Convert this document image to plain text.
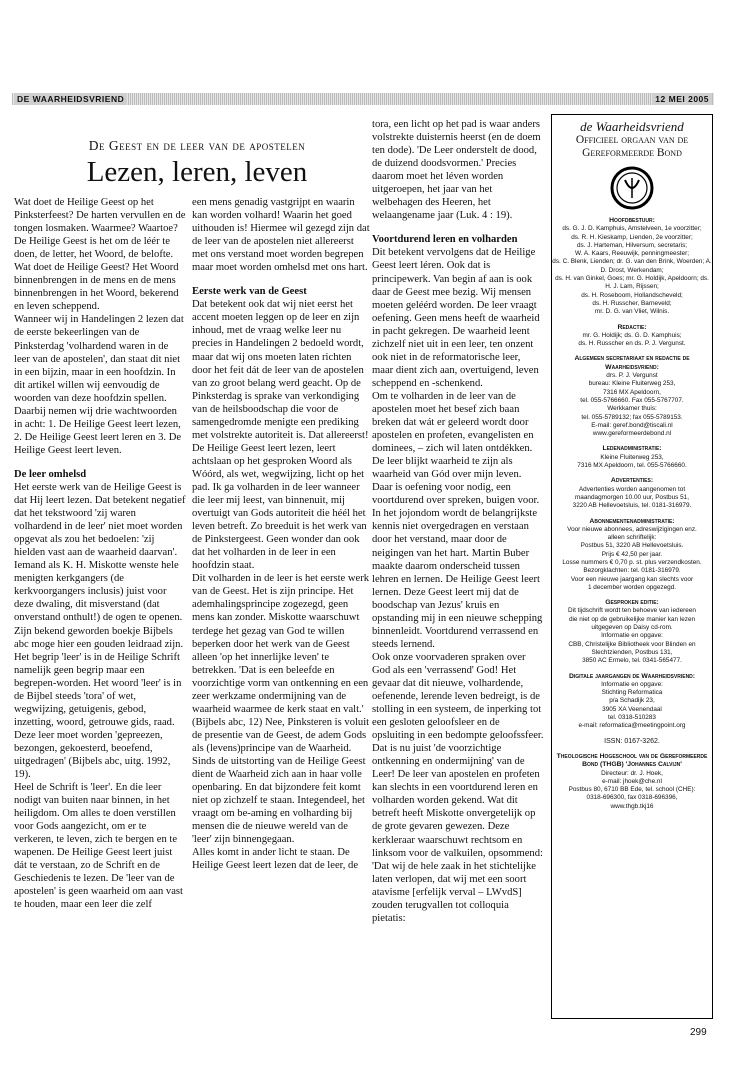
DE WAARHEIDSVRIEND	12 MEI 2005
De Geest en de leer van de apostelen
Lezen, leren, leven

Wat doet de Heilige Geest op het Pinksterfeest? De harten vervullen en de tongen losmaken. Waarmee? Waartoe? De Heilige Geest is het om de léér te doen, de letter, het Woord, de belofte. Wat doet de Heilige Geest? Het Woord binnenbrengen in de mens en de mens binnenbrengen in het Woord, bekerend en leven scheppend.

Wanneer wij in Handelingen 2 lezen dat de eerste bekeerlingen van de Pinksterdag 'volhardend waren in de leer van de apostelen', dan staat dit niet in een bijzin, maar in een hoofdzin. In dit artikel willen wij eenvoudig de woorden van deze hoofdzin spellen. Daarbij nemen wij drie wachtwoorden in acht: 1. De Heilige Geest leert lezen, 2. De Heilige Geest leert leren en 3. De Heilige Geest leert leven.

De leer omhelsd

Het eerste werk van de Heilige Geest is dat Hij leert lezen. Dat betekent negatief dat het tekstwoord 'zij waren volhardend in de leer' niet moet worden opgevat als zou het bedoelen: 'zij hielden vast aan de waarheid daarvan'. Iemand als K. H. Miskotte wenste hele menigten kerkgangers (de kerkvoorgangers inclusis) juist voor deze dwaling, dit misverstand (dat onverstand onthult!) de ogen te openen. Zijn bekend geworden boekje Bijbels abc moge hier een gouden leidraad zijn.

Het begrip 'leer' is in de Heilige Schrift namelijk geen begrip maar een begrepen-worden. Het woord 'leer' is in de Bijbel steeds 'tora' of wet, wegwijzing, getuigenis, gebod, inzetting, woord, getrouwe gids, raad. Deze leer moet worden 'gepreezen, bezongen, gekoesterd, beoefend, uitgedragen' (Bijbels abc, uitg. 1992, 19).

Heel de Schrift is 'leer'. En die leer nodigt van buiten naar binnen, in het heiligdom. Om alles te doen verstillen voor Gods aangezicht, om er te verkeren, te leven, zich te bergen en te wapenen. De Heilige Geest leert juist dát te verstaan, zo de Schrift en de Geschiedenis te lezen. De 'leer van de apostelen' is geen waarheid om aan vast te houden, maar een leer die zelf

een mens genadig vastgrijpt en waarin kan worden volhard! Waarin het goed uithouden is! Hiermee wil gezegd zijn dat de leer van de apostelen niet allereerst met ons verstand moet worden begrepen maar moet worden omhelsd met ons hart.

Eerste werk van de Geest

Dat betekent ook dat wij niet eerst het accent moeten leggen op de leer en zijn inhoud, met de vraag welke leer nu precies in Handelingen 2 bedoeld wordt, maar dat wij ons moeten laten richten door het feit dát de leer van de apostelen van zo groot belang werd geacht. Op de Pinksterdag is sprake van verkondiging van de heilsboodschap die voor de samengedromde menigte een prediking met volstrekte autoriteit is. Dat allereerst! De Heilige Geest leert lezen, leert achtslaan op het gesproken Woord als Wóórd, als wet, wegwijzing, licht op het pad. Ik ga volharden in de leer wanneer die leer mij leest, van binnenuit, mij overtuigt van Gods autoriteit die héél het leven betreft. Zo breeduit is het werk van de Pinkstergeest. Geen wonder dan ook dat het volharden in de leer in een hoofdzin staat.

Dit volharden in de leer is het eerste werk van de Geest. Het is zijn principe. Het ademhalingsprincipe zogezegd, geen mens kan zonder. Miskotte waarschuwt terdege het gezag van God te willen beperken door het werk van de Geest alleen 'op het innerlijke leven' te betrekken. 'Dat is een beleefde en voorzichtige vorm van ontkenning en een zeer werkzame ondermijning van de waarheid waarmee de kerk staat en valt.' (Bijbels abc, 12) Nee, Pinksteren is voluit de presentie van de Geest, de adem Gods als (levens)principe van de Waarheid. Sinds de uitstorting van de Heilige Geest dient de Waarheid zich aan in haar volle openbaring. En dat bijzondere feit komt niet op zichzelf te staan. Integendeel, het vraagt om be-aming en volharding bij mensen die de nieuwe wereld van de 'leer' zijn binnengegaan.

Alles komt in ander licht te staan. De Heilige Geest leert lezen dat de leer, de

tora, een licht op het pad is waar anders volstrekte duisternis heerst (en de doem ten dode). 'De Leer onderstelt de dood, de duizend doodsvormen.' Precies daarom moet het léven worden uitgeroepen, het jaar van het welbehagen des Heeren, het welaangename jaar (Luk. 4 : 19).

Voortdurend leren en volharden

Dit betekent vervolgens dat de Heilige Geest leert léren. Ook dat is principewerk. Van begin af aan is ook daar de Geest mee bezig. Wij mensen moeten geléérd worden. De leer vraagt oefening. Geen mens heeft de waarheid in pacht gekregen. De waarheid leent zichzelf niet uit in een leer, ten onzent ook niet in de reformatorische leer, maar dient zich aan, overtuigend, leven scheppend en -schenkend.

Om te volharden in de leer van de apostelen moet het besef zich baan breken dat wát er geleerd wordt door apostelen en profeten, evangelisten en dominees, – zich wil laten ontdékken. De leer blijkt waarheid te zijn als waarheid van Gód over mijn leven. Daar is oefening voor nodig, een voortdurend over spreken, buigen voor. In het jojondom wordt de belangrijkste kennis niet overgedragen en verstaan door het verstand, maar door de neigingen van het hart. Martin Buber maakte daarom onderscheid tussen lehren en lernen. De Heilige Geest leert lernen. Deze Geest leert mij dat de boodschap van Jezus' kruis en opstanding mij in een nieuwe schepping binnenleidt. Voortdurend verrassend en steeds lernend.

Ook onze voorvaderen spraken over God als een 'verrassend' God! Het gevaar dat dit nieuwe, volhardende, oefenende, lerende leven bedreigt, is de stolling in een systeem, de inperking tot een gesloten geloofsleer en de opsluiting in een bedompte geloofssfeer. Dat is nu juist 'de voorzichtige ontkenning en ondermijning' van de Leer! De leer van apostelen en profeten kan slechts in een voortdurend leren en volharden worden gekend. Wat dit betreft heeft Miskotte onvergetelijk op de grote gevaren gewezen. Deze kerkleraar waarschuwt rechtsom en linksom voor de valkuilen, opsommend: 'Dat wij de hele zaak in het stichtelijke laten verlopen, dat wij met een soort atavisme [erfelijk verval – LWvdS] zouden terugvallen tot colloquia pietatis:

de Waarheidsvriend
Officieel orgaan van de
Gereformeerde Bond
Hoofdbestuur:

ds. G. J. D. Kamphuis, Amstelveen, 1e voorzitter;

ds. R. H. Kieskamp, Lienden, 2e voorzitter;

ds. J. Harteman, Hilversum, secretaris;

W. A. Kaars, Reeuwijk, penningmeester;

ds. C. Blenk, Lienden; dr. G. van den Brink, Woerden; A. D. Drost, Werkendam;

ds. H. van Ginkel, Goes; mr. G. Holdijk, Apeldoorn; ds. H. J. Lam, Rijssen;

ds. H. Roseboom, Hollandscheveld;

ds. H. Russcher, Barneveld;

mr. D. G. van Vliet, Wilnis.

Redactie:

mr. G. Holdijk; ds. G. D. Kamphuis;

ds. H. Russcher en ds. P. J. Vergunst.

Algemeen secretariaat en redactie de Waarheidsvriend:

drs. P. J. Vergunst

bureau: Kleine Fluiterweg 253,

7316 MX Apeldoorn,

tel. 055-5766660. Fax 055-5767707.

Werkkamer thuis:

tel. 055-5789132; fax 055-5789153.

E-mail: geref.bond@tiscali.nl

www.gereformeerdebond.nl

Ledenadministratie:

Kleine Fluiterweg 253,

7316 MX Apeldoorn, tel. 055-5766660.

Advertenties:

Advertenties worden aangenomen tot

maandagmorgen 10.00 uur, Postbus 51,

3220 AB Hellevoetsluis, tel. 0181-316979.

Abonnementenadministratie:

Voor nieuwe abonnees, adreswijzigingen enz.

alleen schriftelijk:

Postbus 51, 3220 AB Hellevoetsluis.

Prijs € 42,50 per jaar.

Losse nummers € 0,70 p. st. plus verzendkosten. Bezorgklachten: tel. 0181-316979.

Voor een nieuwe jaargang kan slechts voor

1 december worden opgezegd.

Gesproken editie:

Dit tijdschrift wordt ten behoeve van iedereen

die niet op de gebruikelijke manier kan lezen

uitgegeven op Daisy cd-rom.

Informatie en opgave:

CBB, Christelijke Bibliotheek voor Blinden en

Slechtzienden, Postbus 131,

3850 AC Ermelo, tel. 0341-565477.

Digitale jaargangen de Waarheidsvriend:

Informatie en opgave:

Stichting Reformatica

p/a Schadijk 23,

3905 XA Veenendaal

tel. 0318-510283

e-mail: reformatica@meetingpoint.org

ISSN: 0167-3262.
Theologische Hogeschool van de Gereformeerde Bond (THGB) 'Johannes Calvijn'

Directeur: dr. J. Hoek,

e-mail: jhoek@che.nl

Postbus 80, 6710 BB Ede, tel. school (CHE):

0318-696300, fax 0318-696396,

www.thgb.tkj16

299
